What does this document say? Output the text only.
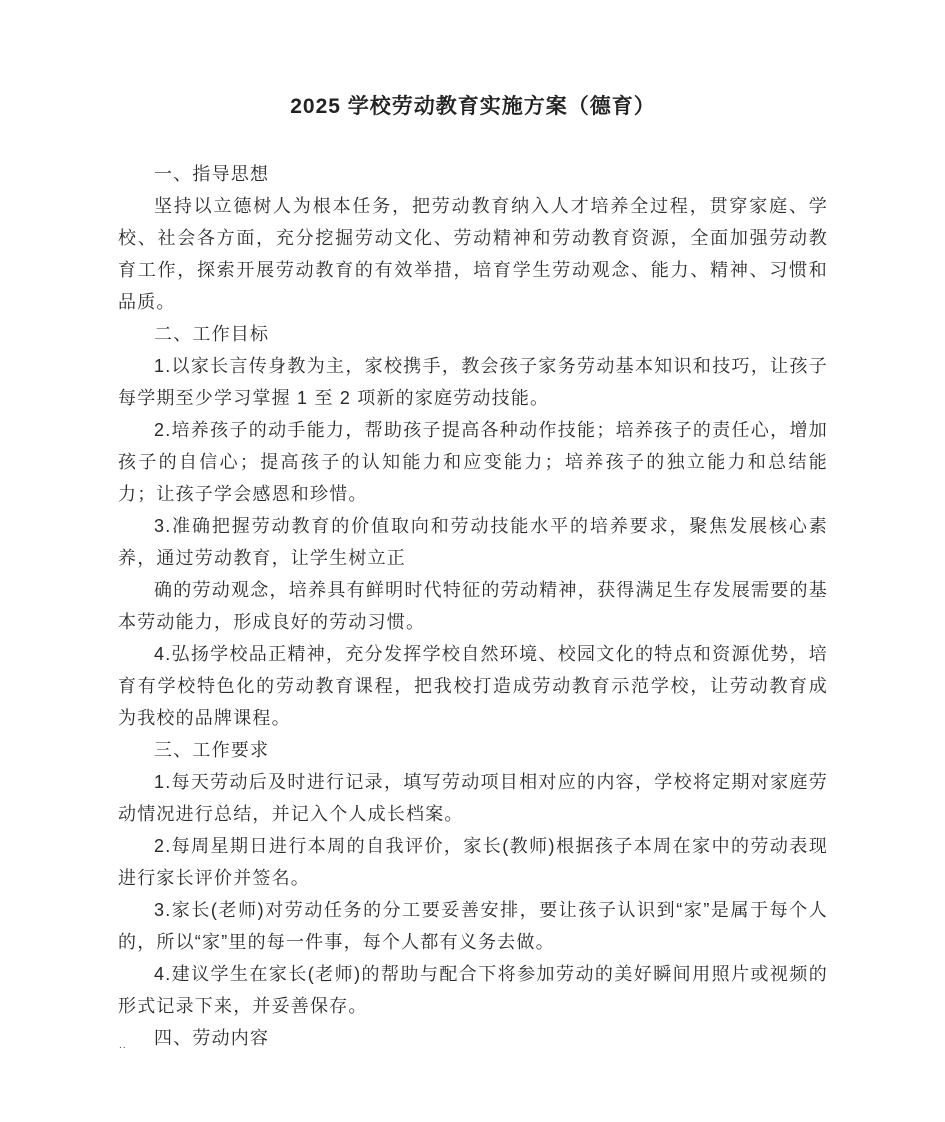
2025 学校劳动教育实施方案（德育）

一、指导思想

坚持以立德树人为根本任务，把劳动教育纳入人才培养全过程，贯穿家庭、学校、社会各方面，充分挖掘劳动文化、劳动精神和劳动教育资源，全面加强劳动教育工作，探索开展劳动教育的有效举措，培育学生劳动观念、能力、精神、习惯和品质。

二、工作目标

1.以家长言传身教为主，家校携手，教会孩子家务劳动基本知识和技巧，让孩子每学期至少学习掌握 1 至 2 项新的家庭劳动技能。

2.培养孩子的动手能力，帮助孩子提高各种动作技能；培养孩子的责任心，增加孩子的自信心；提高孩子的认知能力和应变能力；培养孩子的独立能力和总结能力；让孩子学会感恩和珍惜。

3.准确把握劳动教育的价值取向和劳动技能水平的培养要求，聚焦发展核心素养，通过劳动教育，让学生树立正

确的劳动观念，培养具有鲜明时代特征的劳动精神，获得满足生存发展需要的基本劳动能力，形成良好的劳动习惯。

4.弘扬学校品正精神，充分发挥学校自然环境、校园文化的特点和资源优势，培育有学校特色化的劳动教育课程，把我校打造成劳动教育示范学校，让劳动教育成为我校的品牌课程。

三、工作要求

1.每天劳动后及时进行记录，填写劳动项目相对应的内容，学校将定期对家庭劳动情况进行总结，并记入个人成长档案。

2.每周星期日进行本周的自我评价，家长(教师)根据孩子本周在家中的劳动表现进行家长评价并签名。

3.家长(老师)对劳动任务的分工要妥善安排，要让孩子认识到“家”是属于每个人的，所以“家”里的每一件事，每个人都有义务去做。

4.建议学生在家长(老师)的帮助与配合下将参加劳动的美好瞬间用照片或视频的形式记录下来，并妥善保存。

四、劳动内容

..
